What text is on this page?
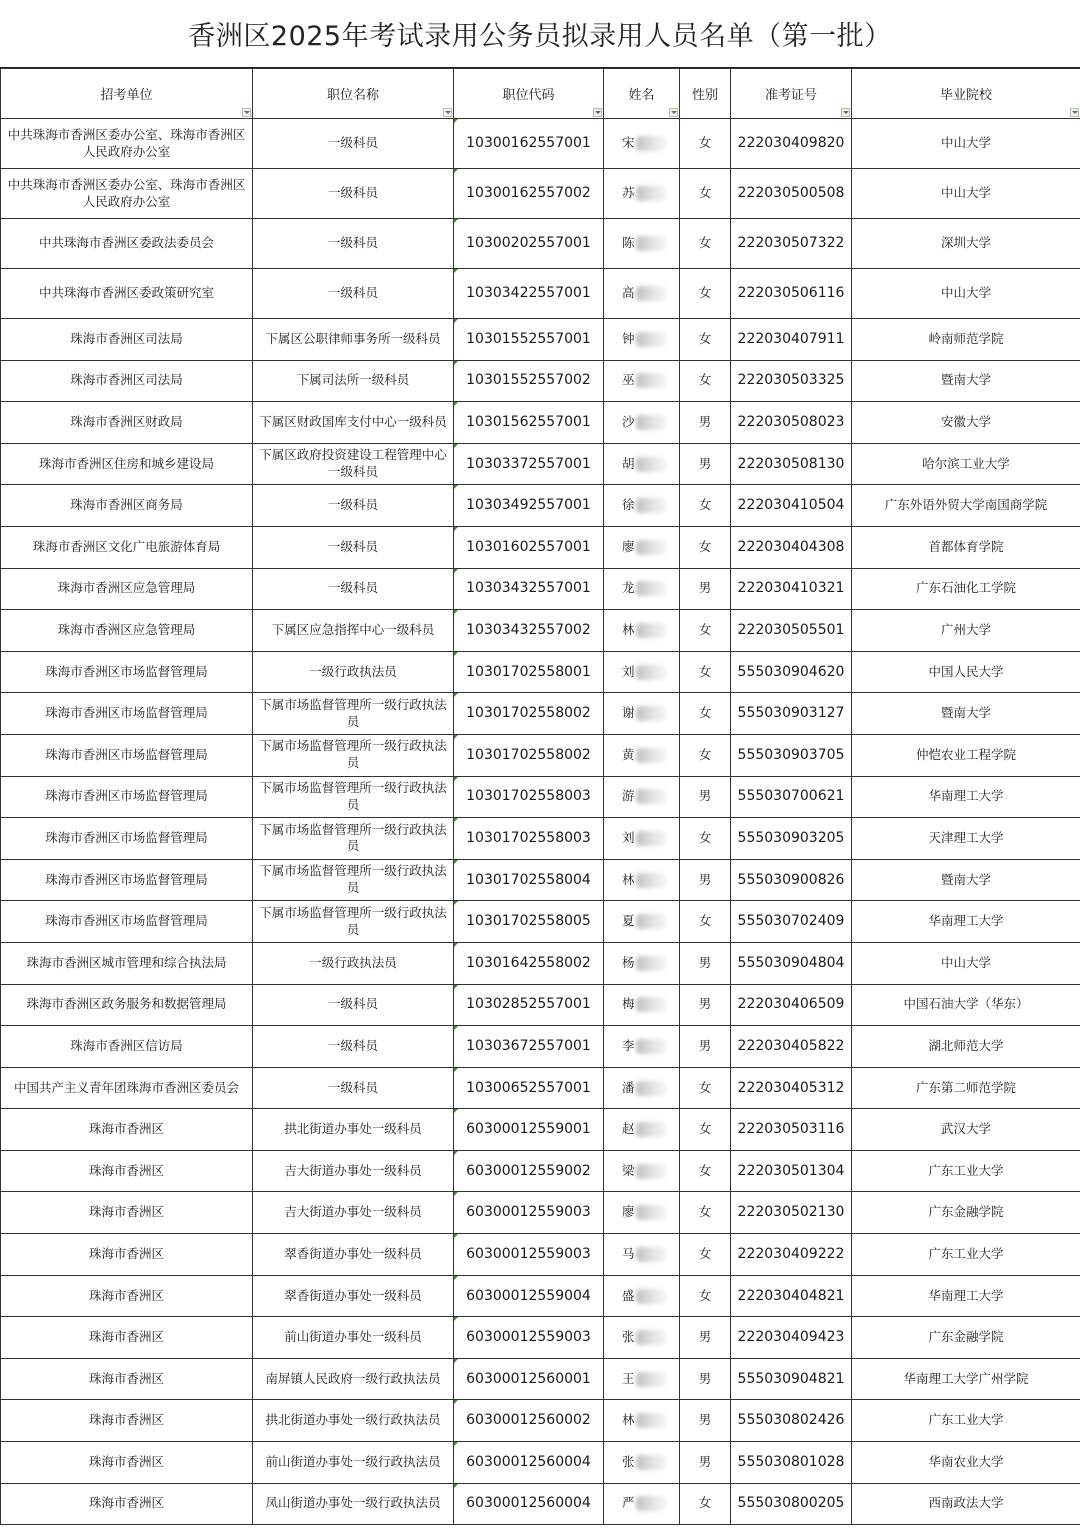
香洲区2025年考试录用公务员拟录用人员名单（第一批）
招考单位	职位名称	职位代码	姓名	性别	准考证号	毕业院校

中共珠海市香洲区委办公室、珠海市香洲区人民政府办公室	一级科员	10300162557001	宋	女	222030409820	中山大学
中共珠海市香洲区委办公室、珠海市香洲区人民政府办公室	一级科员	10300162557002	苏	女	222030500508	中山大学
中共珠海市香洲区委政法委员会	一级科员	10300202557001	陈	女	222030507322	深圳大学
中共珠海市香洲区委政策研究室	一级科员	10303422557001	高	女	222030506116	中山大学
珠海市香洲区司法局	下属区公职律师事务所一级科员	10301552557001	钟	女	222030407911	岭南师范学院
珠海市香洲区司法局	下属司法所一级科员	10301552557002	巫	女	222030503325	暨南大学
珠海市香洲区财政局	下属区财政国库支付中心一级科员	10301562557001	沙	男	222030508023	安徽大学
珠海市香洲区住房和城乡建设局	下属区政府投资建设工程管理中心一级科员	10303372557001	胡	男	222030508130	哈尔滨工业大学
珠海市香洲区商务局	一级科员	10303492557001	徐	女	222030410504	广东外语外贸大学南国商学院
珠海市香洲区文化广电旅游体育局	一级科员	10301602557001	廖	女	222030404308	首都体育学院
珠海市香洲区应急管理局	一级科员	10303432557001	龙	男	222030410321	广东石油化工学院
珠海市香洲区应急管理局	下属区应急指挥中心一级科员	10303432557002	林	女	222030505501	广州大学
珠海市香洲区市场监督管理局	一级行政执法员	10301702558001	刘	女	555030904620	中国人民大学
珠海市香洲区市场监督管理局	下属市场监督管理所一级行政执法员	10301702558002	谢	女	555030903127	暨南大学
珠海市香洲区市场监督管理局	下属市场监督管理所一级行政执法员	10301702558002	黄	女	555030903705	仲恺农业工程学院
珠海市香洲区市场监督管理局	下属市场监督管理所一级行政执法员	10301702558003	游	男	555030700621	华南理工大学
珠海市香洲区市场监督管理局	下属市场监督管理所一级行政执法员	10301702558003	刘	女	555030903205	天津理工大学
珠海市香洲区市场监督管理局	下属市场监督管理所一级行政执法员	10301702558004	林	男	555030900826	暨南大学
珠海市香洲区市场监督管理局	下属市场监督管理所一级行政执法员	10301702558005	夏	女	555030702409	华南理工大学
珠海市香洲区城市管理和综合执法局	一级行政执法员	10301642558002	杨	男	555030904804	中山大学
珠海市香洲区政务服务和数据管理局	一级科员	10302852557001	梅	男	222030406509	中国石油大学（华东）
珠海市香洲区信访局	一级科员	10303672557001	李	男	222030405822	湖北师范大学
中国共产主义青年团珠海市香洲区委员会	一级科员	10300652557001	潘	女	222030405312	广东第二师范学院
珠海市香洲区	拱北街道办事处一级科员	60300012559001	赵	女	222030503116	武汉大学
珠海市香洲区	吉大街道办事处一级科员	60300012559002	梁	女	222030501304	广东工业大学
珠海市香洲区	吉大街道办事处一级科员	60300012559003	廖	女	222030502130	广东金融学院
珠海市香洲区	翠香街道办事处一级科员	60300012559003	马	女	222030409222	广东工业大学
珠海市香洲区	翠香街道办事处一级科员	60300012559004	盛	女	222030404821	华南理工大学
珠海市香洲区	前山街道办事处一级科员	60300012559003	张	男	222030409423	广东金融学院
珠海市香洲区	南屏镇人民政府一级行政执法员	60300012560001	王	男	555030904821	华南理工大学广州学院
珠海市香洲区	拱北街道办事处一级行政执法员	60300012560002	林	男	555030802426	广东工业大学
珠海市香洲区	前山街道办事处一级行政执法员	60300012560004	张	男	555030801028	华南农业大学
珠海市香洲区	凤山街道办事处一级行政执法员	60300012560004	严	女	555030800205	西南政法大学
